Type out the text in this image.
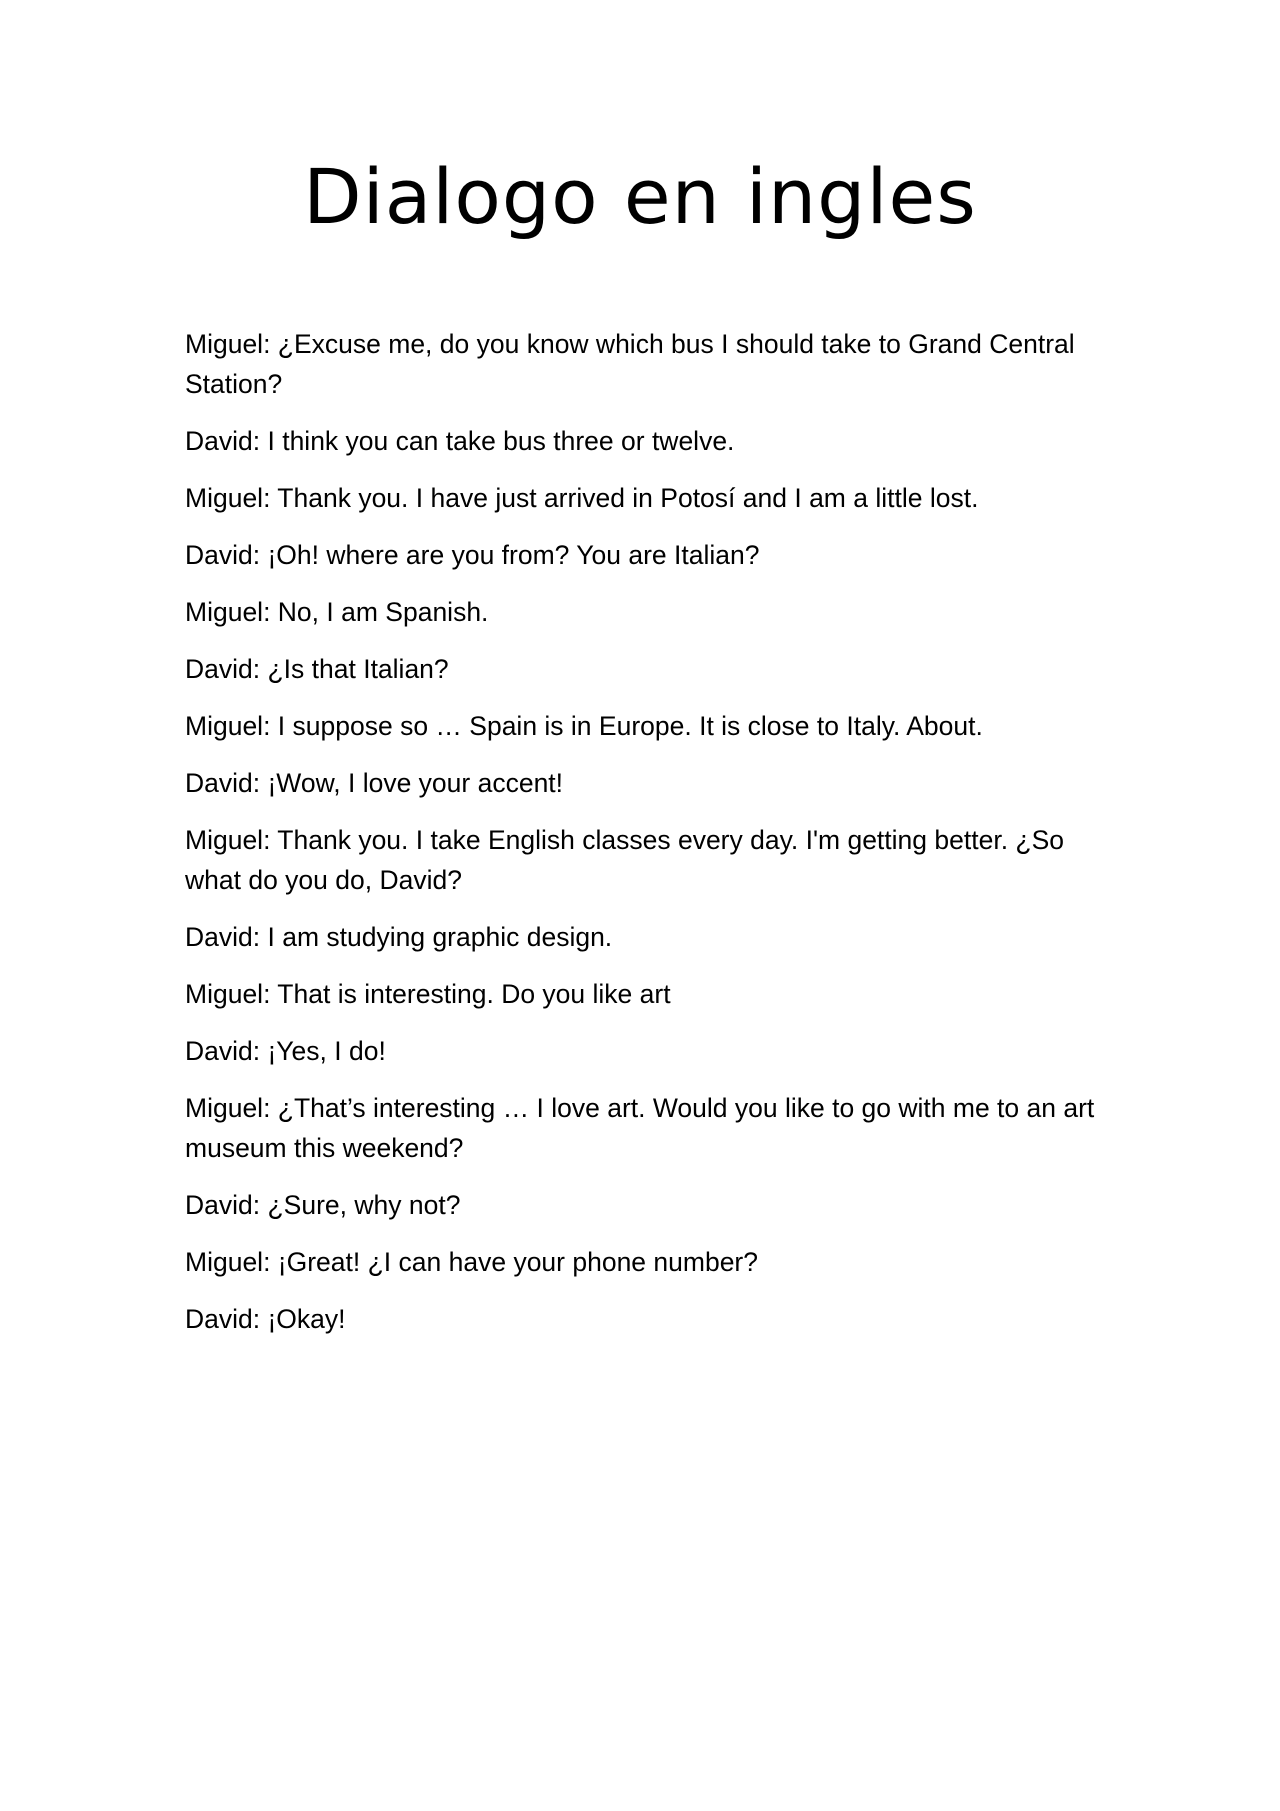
Dialogo en ingles
Miguel: ¿Excuse me, do you know which bus I should take to Grand Central Station?
David: I think you can take bus three or twelve.
Miguel: Thank you. I have just arrived in Potosí and I am a little lost.
David: ¡Oh! where are you from? You are Italian?
Miguel: No, I am Spanish.
David: ¿Is that Italian?
Miguel: I suppose so … Spain is in Europe. It is close to Italy. About.
David: ¡Wow, I love your accent!
Miguel: Thank you. I take English classes every day. I'm getting better. ¿So what do you do, David?
David: I am studying graphic design.
Miguel: That is interesting. Do you like art
David: ¡Yes, I do!
Miguel: ¿That’s interesting … I love art. Would you like to go with me to an art museum this weekend?
David: ¿Sure, why not?
Miguel: ¡Great! ¿I can have your phone number?
David: ¡Okay!
